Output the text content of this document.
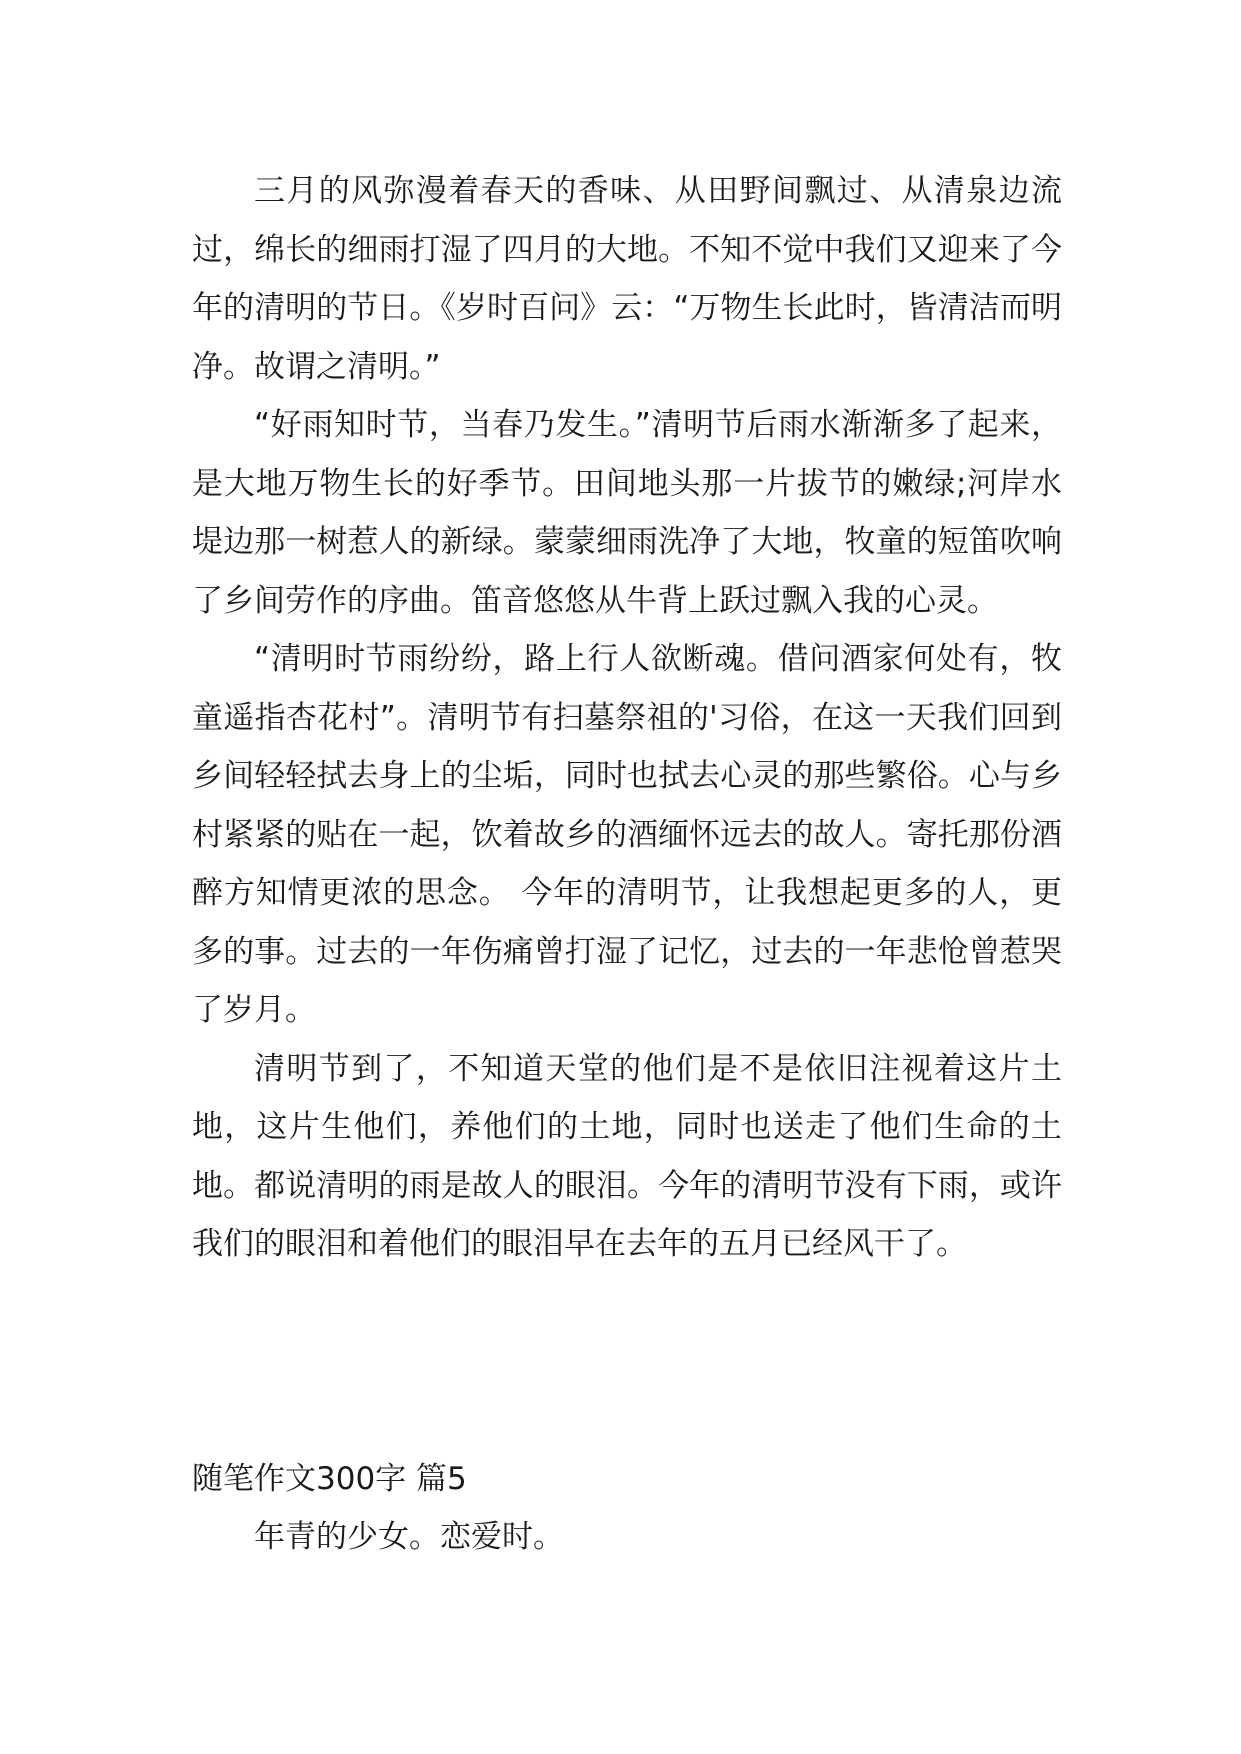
三月的风弥漫着春天的香味、从田野间飘过、从清泉边流过，绵长的细雨打湿了四月的大地。不知不觉中我们又迎来了今年的清明的节日。《岁时百问》云：“万物生长此时，皆清洁而明净。故谓之清明。”

“好雨知时节，当春乃发生。”清明节后雨水渐渐多了起来，是大地万物生长的好季节。田间地头那一片拔节的嫩绿;河岸水堤边那一树惹人的新绿。蒙蒙细雨洗净了大地，牧童的短笛吹响了乡间劳作的序曲。笛音悠悠从牛背上跃过飘入我的心灵。

“清明时节雨纷纷，路上行人欲断魂。借问酒家何处有，牧童遥指杏花村”。清明节有扫墓祭祖的'习俗，在这一天我们回到乡间轻轻拭去身上的尘垢，同时也拭去心灵的那些繁俗。心与乡村紧紧的贴在一起，饮着故乡的酒缅怀远去的故人。寄托那份酒醉方知情更浓的思念。 今年的清明节，让我想起更多的人，更多的事。过去的一年伤痛曾打湿了记忆，过去的一年悲怆曾惹哭了岁月。

清明节到了，不知道天堂的他们是不是依旧注视着这片土地，这片生他们，养他们的土地，同时也送走了他们生命的土地。都说清明的雨是故人的眼泪。今年的清明节没有下雨，或许我们的眼泪和着他们的眼泪早在去年的五月已经风干了。

随笔作文300字 篇5

年青的少女。恋爱时。
